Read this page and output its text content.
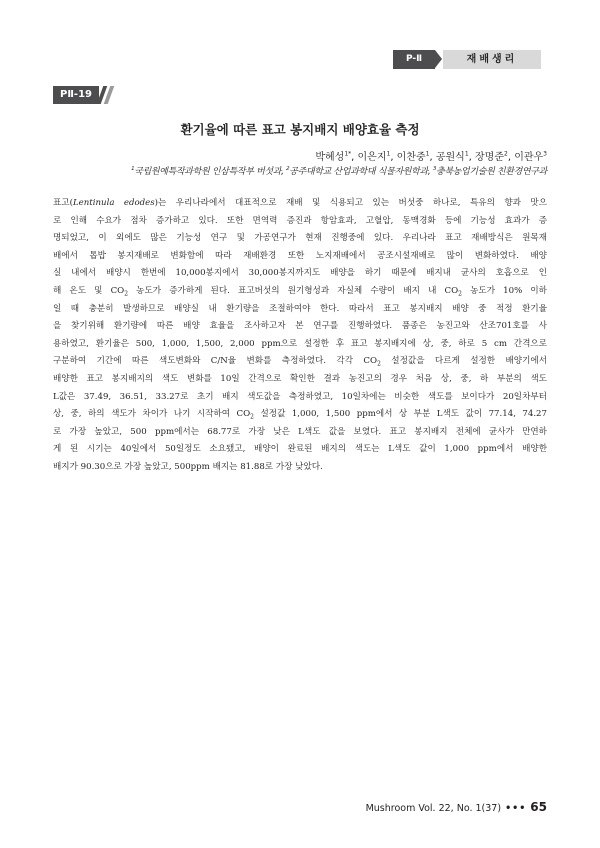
P-Ⅱ	재배생리
PⅡ-19
환기율에 따른 표고 봉지배지 배양효율 측정
박혜성$^{1*}$, 이은지$^1$, 이찬중$^1$, 공원식$^1$, 장명준$^2$, 이관우$^3$
$^1$국립원예특작과학원 인삼특작부 버섯과, $^2$공주대학교 산업과학대 식물자원학과, $^3$충북농업기술원 친환경연구과
표고(Lentinula edodes)는 우리나라에서 대표적으로 재배 및 식용되고 있는 버섯중 하나로, 특유의 향과 맛으
로 인해 수요가 점차 증가하고 있다. 또한 면역력 증진과 항암효과, 고혈압, 동맥경화 등에 기능성 효과가 증
명되었고, 이 외에도 많은 기능성 연구 및 가공연구가 현재 진행중에 있다. 우리나라 표고 재배방식은 원목재
배에서 톱밥 봉지재배로 변화함에 따라 재배환경 또한 노지재배에서 공조시설재배로 많이 변화하였다. 배양
실 내에서 배양시 한번에 10,000봉지에서 30,000봉지까지도 배양을 하기 때문에 배지내 균사의 호흡으로 인
해 온도 및 $CO_2$ 농도가 증가하게 된다. 표고버섯의 원기형성과 자실체 수량이 배지 내 $CO_2$ 농도가 10% 이하
일 때 충분히 발생하므로 배양실 내 환기량을 조절하여야 한다. 따라서 표고 봉지배지 배양 중 적정 환기율
을 찾기위해 환기량에 따른 배양 효율을 조사하고자 본 연구를 진행하였다. 품종은 농진고와 산조701호를 사
용하였고, 환기율은 500, 1,000, 1,500, 2,000 ppm으로 설정한 후 표고 봉지배지에 상, 중, 하로 5 cm 간격으로
구분하여 기간에 따른 색도변화와 C/N율 변화를 측정하였다. 각각 $CO_2$ 설정값을 다르게 설정한 배양기에서
배양한 표고 봉지배지의 색도 변화를 10일 간격으로 확인한 결과 농진고의 경우 처음 상, 중, 하 부분의 색도
L값은 37.49, 36.51, 33.27로 초기 배지 색도값을 측정하였고, 10일차에는 비슷한 색도를 보이다가 20일차부터
상, 중, 하의 색도가 차이가 나기 시작하여 $CO_2$ 설정값 1,000, 1,500 ppm에서 상 부분 L색도 값이 77.14, 74.27
로 가장 높았고, 500 ppm에서는 68.77로 가장 낮은 L색도 값을 보였다. 표고 봉지배지 전체에 균사가 만연하
게 된 시기는 40일에서 50일정도 소요됐고, 배양이 완료된 배지의 색도는 L색도 값이 1,000 ppm에서 배양한
배지가 90.30으로 가장 높았고, 500ppm 배지는 81.88로 가장 낮았다.
Mushroom Vol. 22, No. 1(37) ••• 65
